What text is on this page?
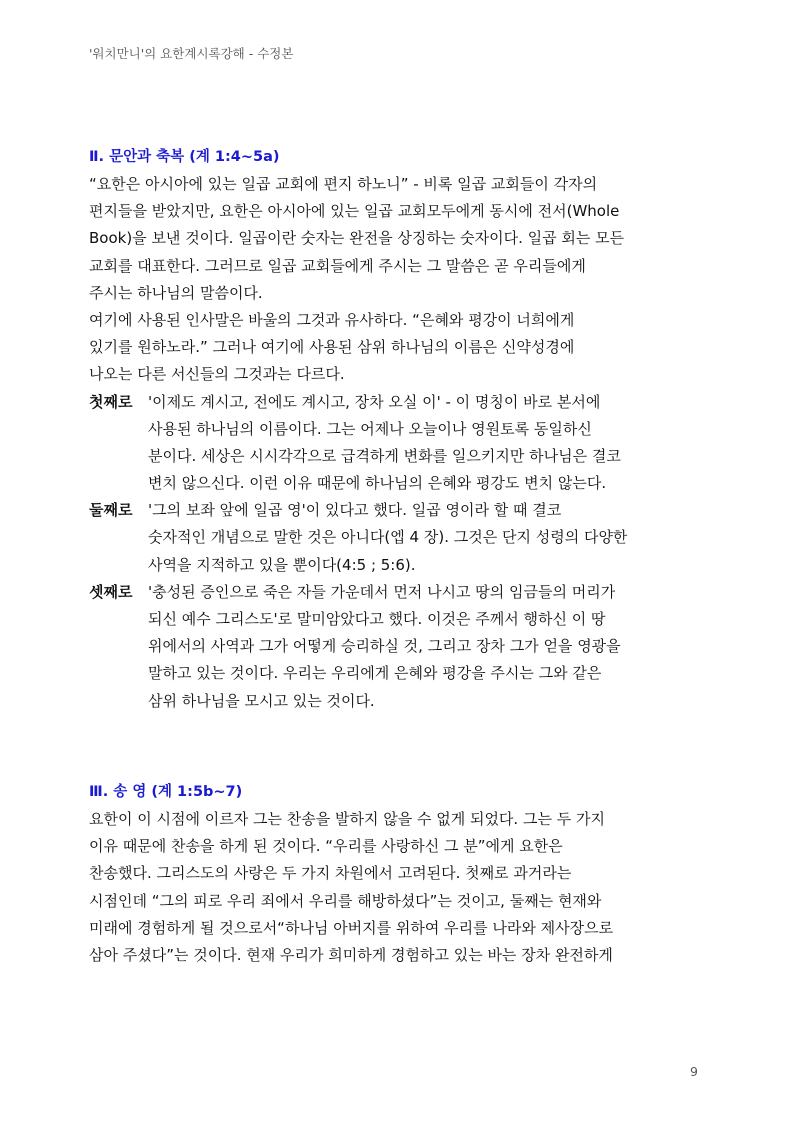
'워치만니'의 요한계시록강해 - 수정본
Ⅱ. 문안과 축복 (계 1:4~5a)
“요한은 아시아에 있는 일곱 교회에 편지 하노니” - 비록 일곱 교회들이 각자의
편지들을 받았지만, 요한은 아시아에 있는 일곱 교회모두에게 동시에 전서(Whole
Book)을 보낸 것이다. 일곱이란 숫자는 완전을 상징하는 숫자이다. 일곱 회는 모든
교회를 대표한다. 그러므로 일곱 교회들에게 주시는 그 말씀은 곧 우리들에게
주시는 하나님의 말씀이다.
여기에 사용된 인사말은 바울의 그것과 유사하다. “은혜와 평강이 너희에게
있기를 원하노라.” 그러나 여기에 사용된 삼위 하나님의 이름은 신약성경에
나오는 다른 서신들의 그것과는 다르다.
첫째로 '이제도 계시고, 전에도 계시고, 장차 오실 이' - 이 명칭이 바로 본서에
사용된 하나님의 이름이다. 그는 어제나 오늘이나 영원토록 동일하신
분이다. 세상은 시시각각으로 급격하게 변화를 일으키지만 하나님은 결코
변치 않으신다. 이런 이유 때문에 하나님의 은혜와 평강도 변치 않는다.
둘째로 '그의 보좌 앞에 일곱 영'이 있다고 했다. 일곱 영이라 할 때 결코
숫자적인 개념으로 말한 것은 아니다(엡 4 장). 그것은 단지 성령의 다양한
사역을 지적하고 있을 뿐이다(4:5 ; 5:6).
셋째로 '충성된 증인으로 죽은 자들 가운데서 먼저 나시고 땅의 임금들의 머리가
되신 예수 그리스도'로 말미암았다고 했다. 이것은 주께서 행하신 이 땅
위에서의 사역과 그가 어떻게 승리하실 것, 그리고 장차 그가 얻을 영광을
말하고 있는 것이다. 우리는 우리에게 은혜와 평강을 주시는 그와 같은
삼위 하나님을 모시고 있는 것이다.
Ⅲ. 송 영 (계 1:5b~7)
요한이 이 시점에 이르자 그는 찬송을 발하지 않을 수 없게 되었다. 그는 두 가지
이유 때문에 찬송을 하게 된 것이다. “우리를 사랑하신 그 분”에게 요한은
찬송했다. 그리스도의 사랑은 두 가지 차원에서 고려된다. 첫째로 과거라는
시점인데 “그의 피로 우리 죄에서 우리를 해방하셨다”는 것이고, 둘째는 현재와
미래에 경험하게 될 것으로서“하나님 아버지를 위하여 우리를 나라와 제사장으로
삼아 주셨다”는 것이다. 현재 우리가 희미하게 경험하고 있는 바는 장차 완전하게
9
